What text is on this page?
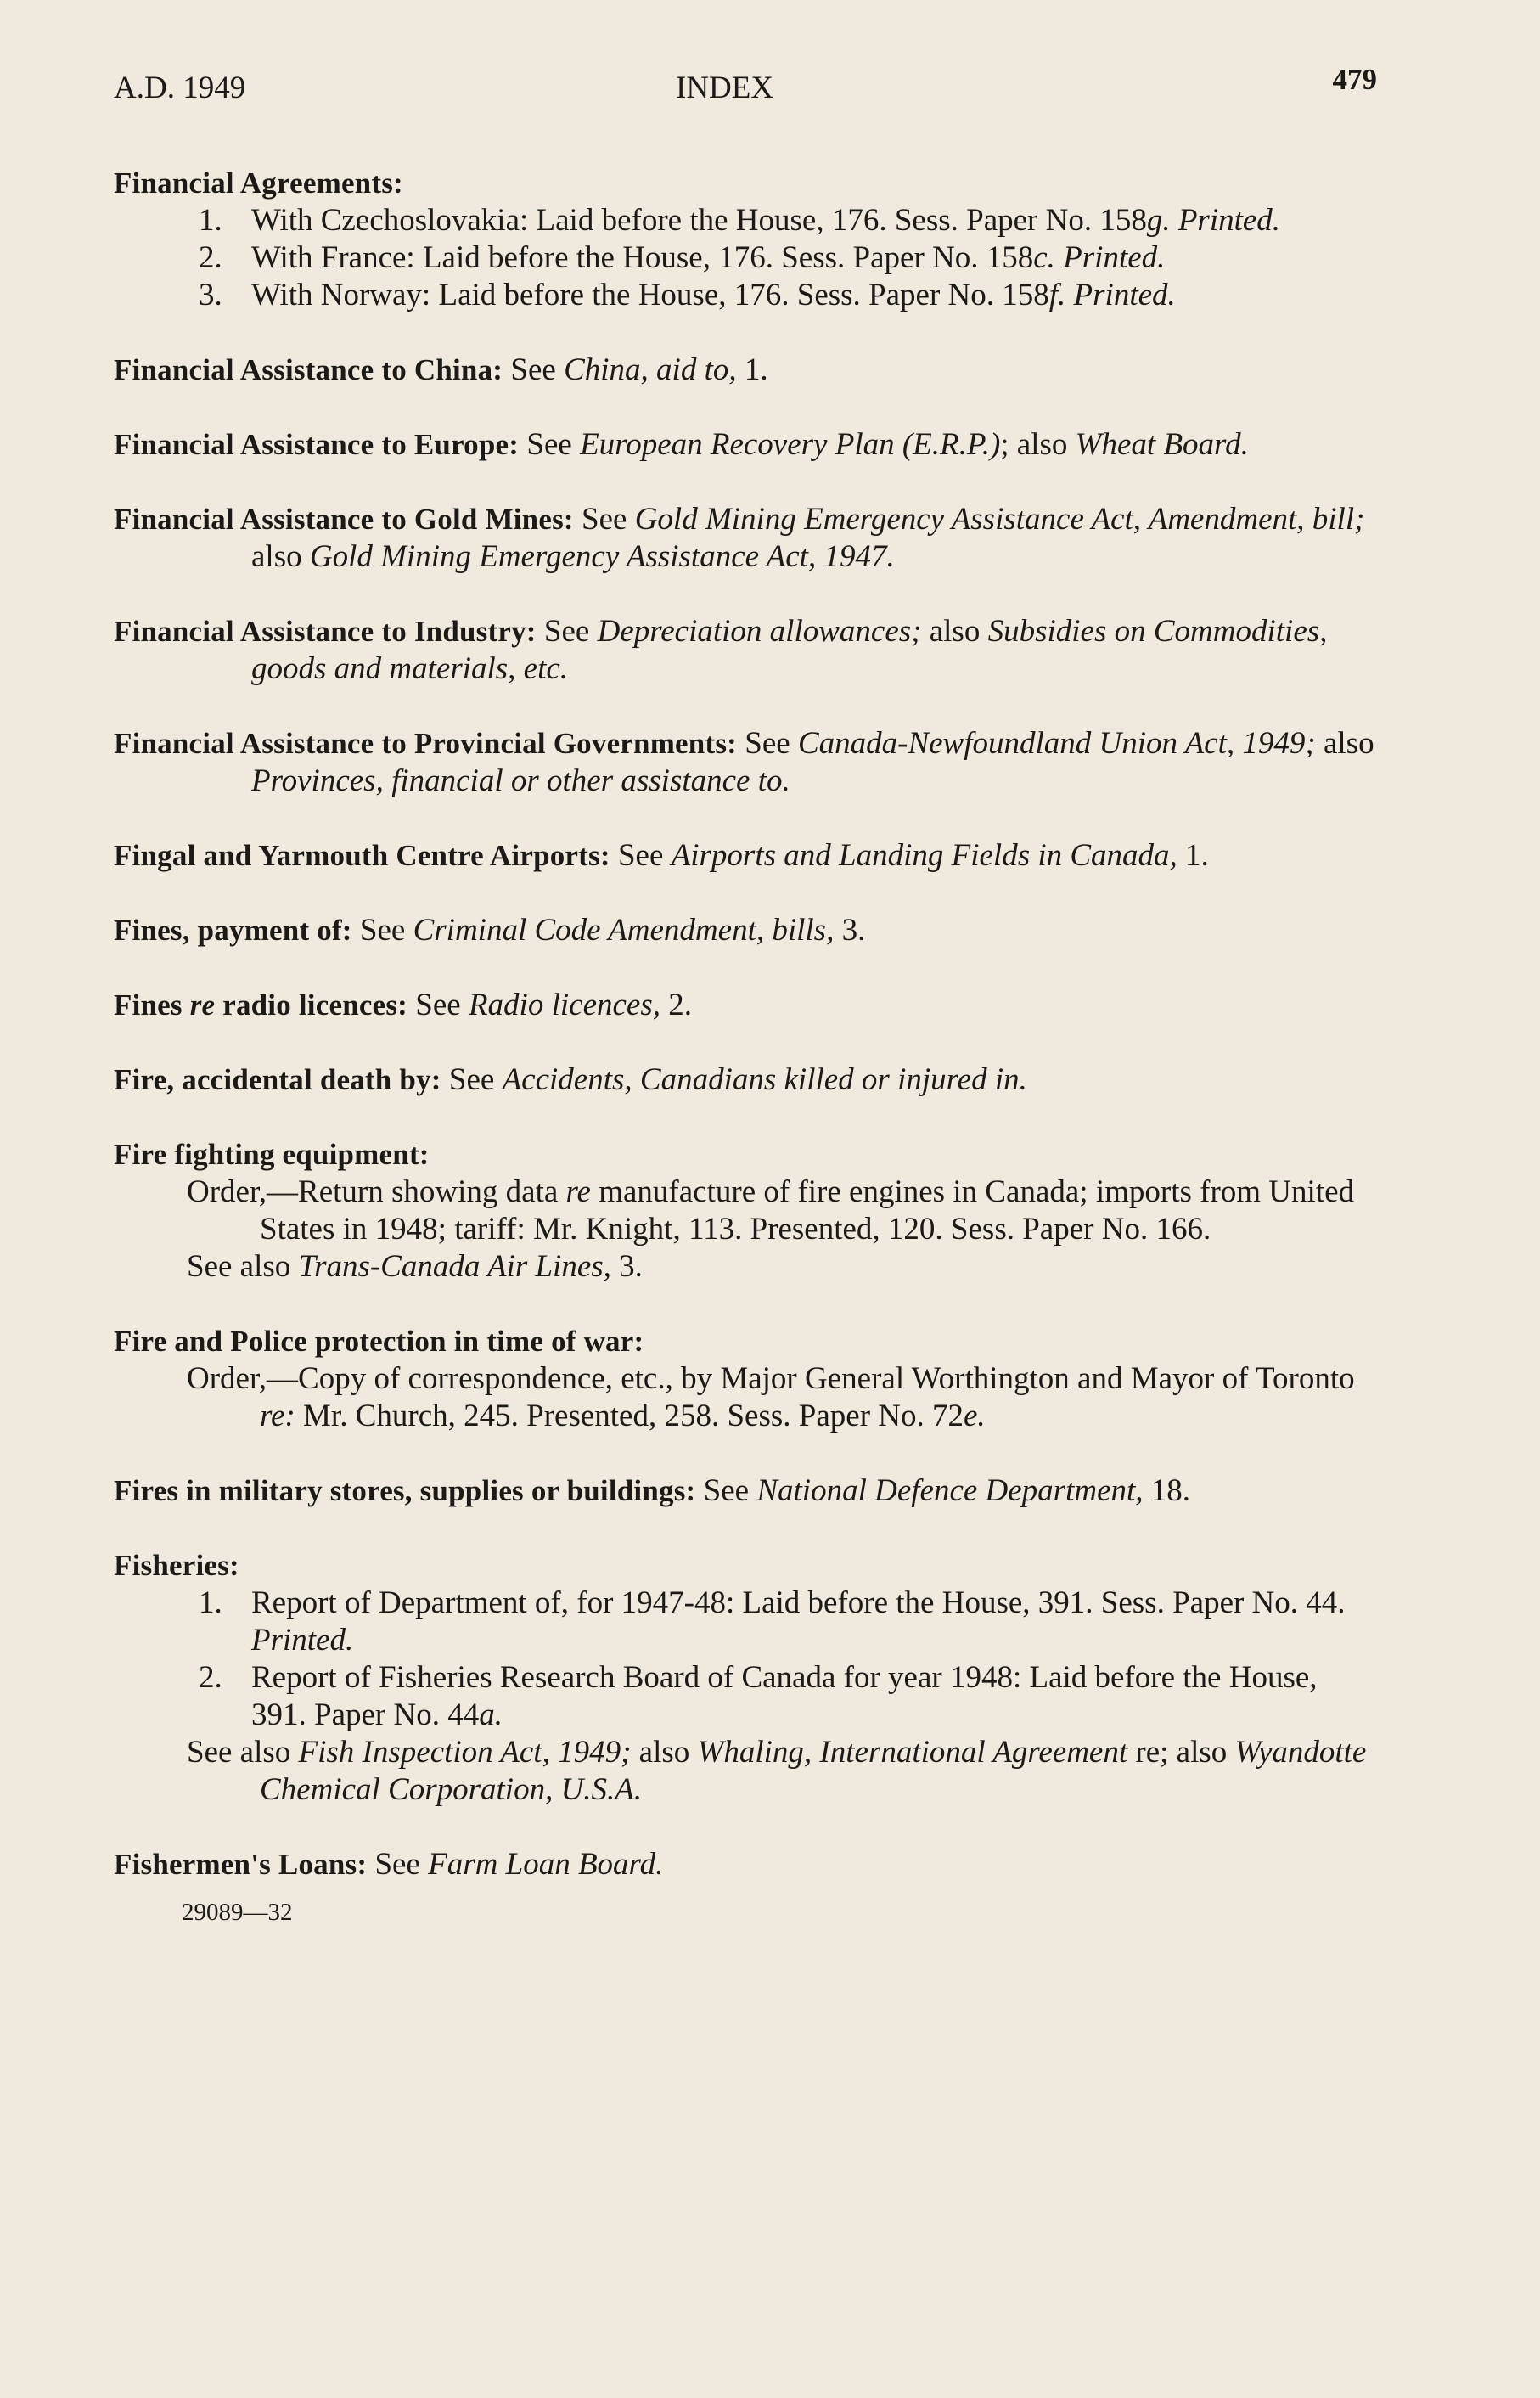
A.D. 1949	INDEX	479
Financial Agreements:
1. With Czechoslovakia: Laid before the House, 176. Sess. Paper No. 158g. Printed.
2. With France: Laid before the House, 176. Sess. Paper No. 158c. Printed.
3. With Norway: Laid before the House, 176. Sess. Paper No. 158f. Printed.
Financial Assistance to China: See China, aid to, 1.
Financial Assistance to Europe: See European Recovery Plan (E.R.P.); also Wheat Board.
Financial Assistance to Gold Mines: See Gold Mining Emergency Assistance Act, Amendment, bill; also Gold Mining Emergency Assistance Act, 1947.
Financial Assistance to Industry: See Depreciation allowances; also Subsidies on Commodities, goods and materials, etc.
Financial Assistance to Provincial Governments: See Canada-Newfoundland Union Act, 1949; also Provinces, financial or other assistance to.
Fingal and Yarmouth Centre Airports: See Airports and Landing Fields in Canada, 1.
Fines, payment of: See Criminal Code Amendment, bills, 3.
Fines re radio licences: See Radio licences, 2.
Fire, accidental death by: See Accidents, Canadians killed or injured in.
Fire fighting equipment:
Order,—Return showing data re manufacture of fire engines in Canada; imports from United States in 1948; tariff: Mr. Knight, 113. Presented, 120. Sess. Paper No. 166.
See also Trans-Canada Air Lines, 3.
Fire and Police protection in time of war:
Order,—Copy of correspondence, etc., by Major General Worthington and Mayor of Toronto re: Mr. Church, 245. Presented, 258. Sess. Paper No. 72e.
Fires in military stores, supplies or buildings: See National Defence Department, 18.
Fisheries:
1. Report of Department of, for 1947-48: Laid before the House, 391. Sess. Paper No. 44. Printed.
2. Report of Fisheries Research Board of Canada for year 1948: Laid before the House, 391. Paper No. 44a.
See also Fish Inspection Act, 1949; also Whaling, International Agreement re; also Wyandotte Chemical Corporation, U.S.A.
Fishermen's Loans: See Farm Loan Board.
29089—32
